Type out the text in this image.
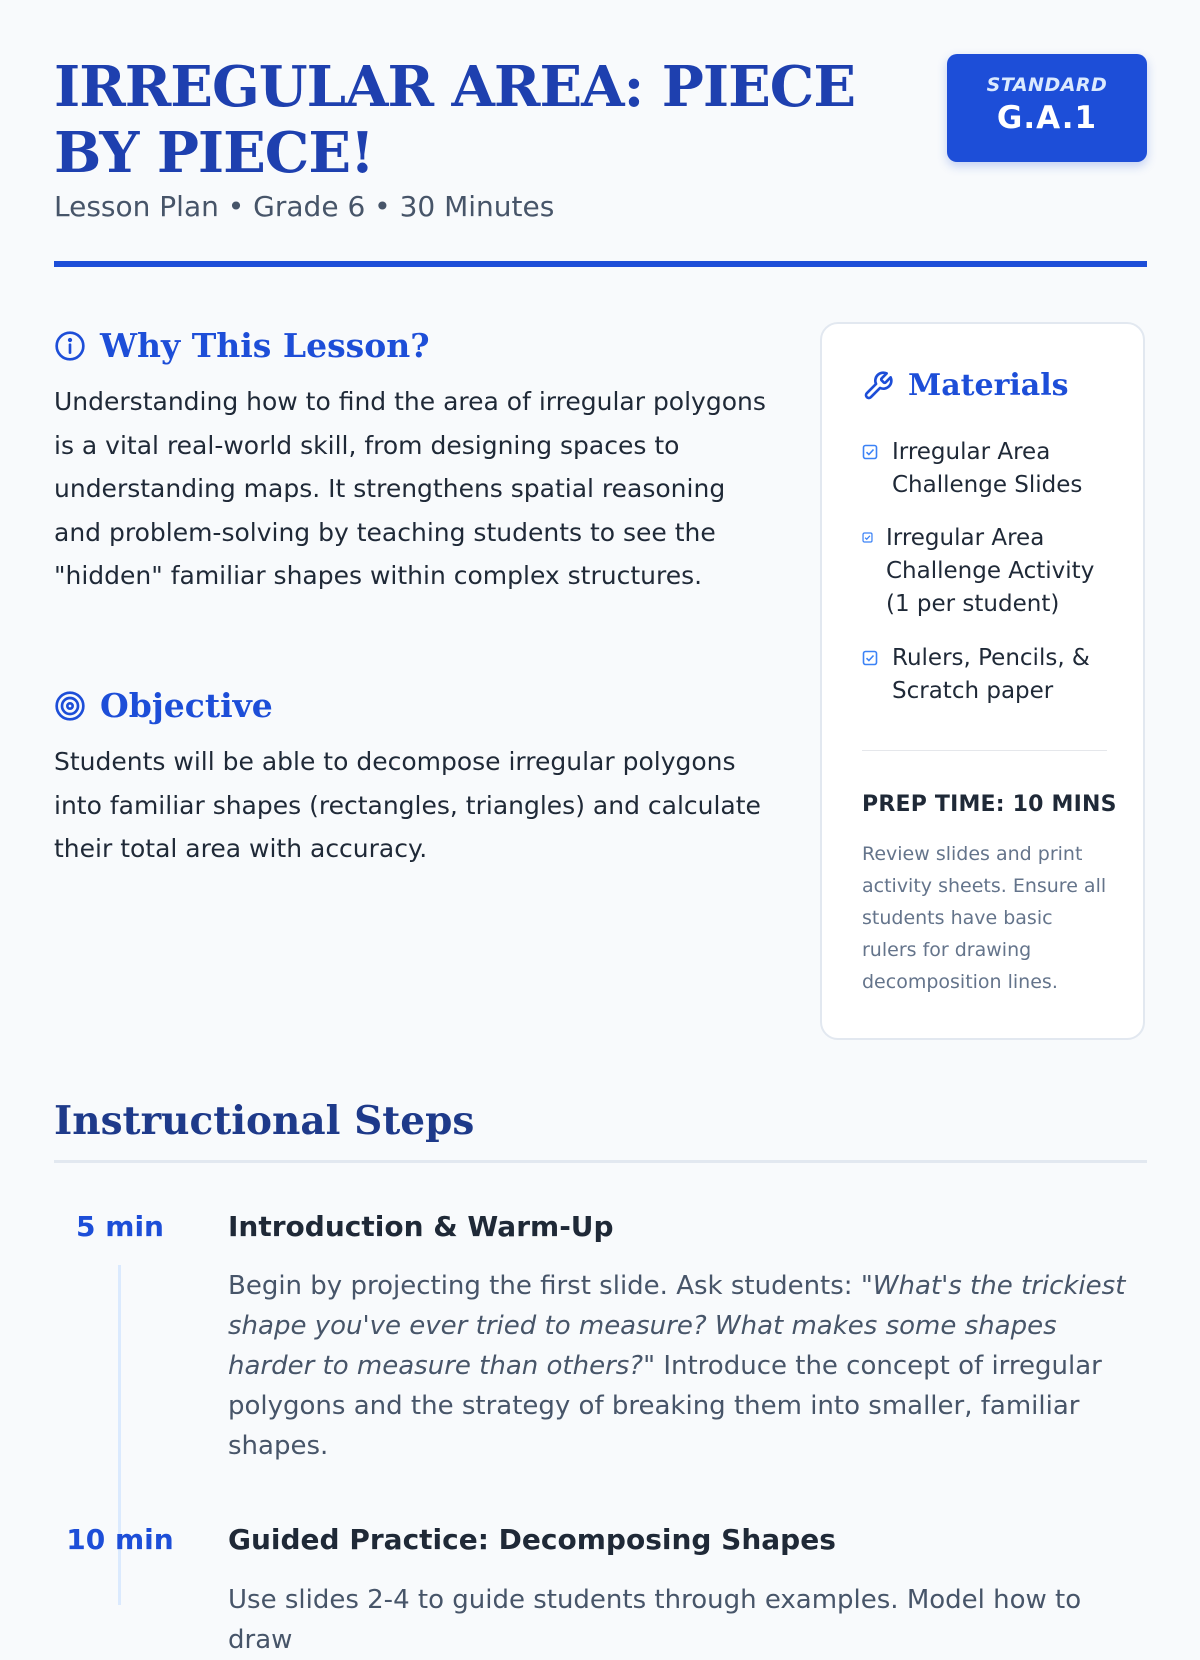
IRREGULAR AREA: PIECE BY PIECE!

Lesson Plan • Grade 6 • 30 Minutes

STANDARD
G.A.1
Why This Lesson?

Understanding how to find the area of irregular polygons is a vital real-world skill, from designing spaces to understanding maps. It strengthens spatial reasoning and problem-solving by teaching students to see the "hidden" familiar shapes within complex structures.

Objective

Students will be able to decompose irregular polygons into familiar shapes (rectangles, triangles) and calculate their total area with accuracy.

Materials
Irregular Area Challenge Slides
Irregular Area Challenge Activity (1 per student)
Rulers, Pencils, & Scratch paper

PREP TIME: 10 MINS

Review slides and print activity sheets. Ensure all students have basic rulers for drawing decomposition lines.

Instructional Steps
5 min	Introduction & Warm-Up

Begin by projecting the first slide. Ask students: "What's the trickiest shape you've ever tried to measure? What makes some shapes harder to measure than others?" Introduce the concept of irregular polygons and the strategy of breaking them into smaller, familiar shapes.

10 min	Guided Practice: Decomposing Shapes

Use slides 2-4 to guide students through examples. Model how to draw
